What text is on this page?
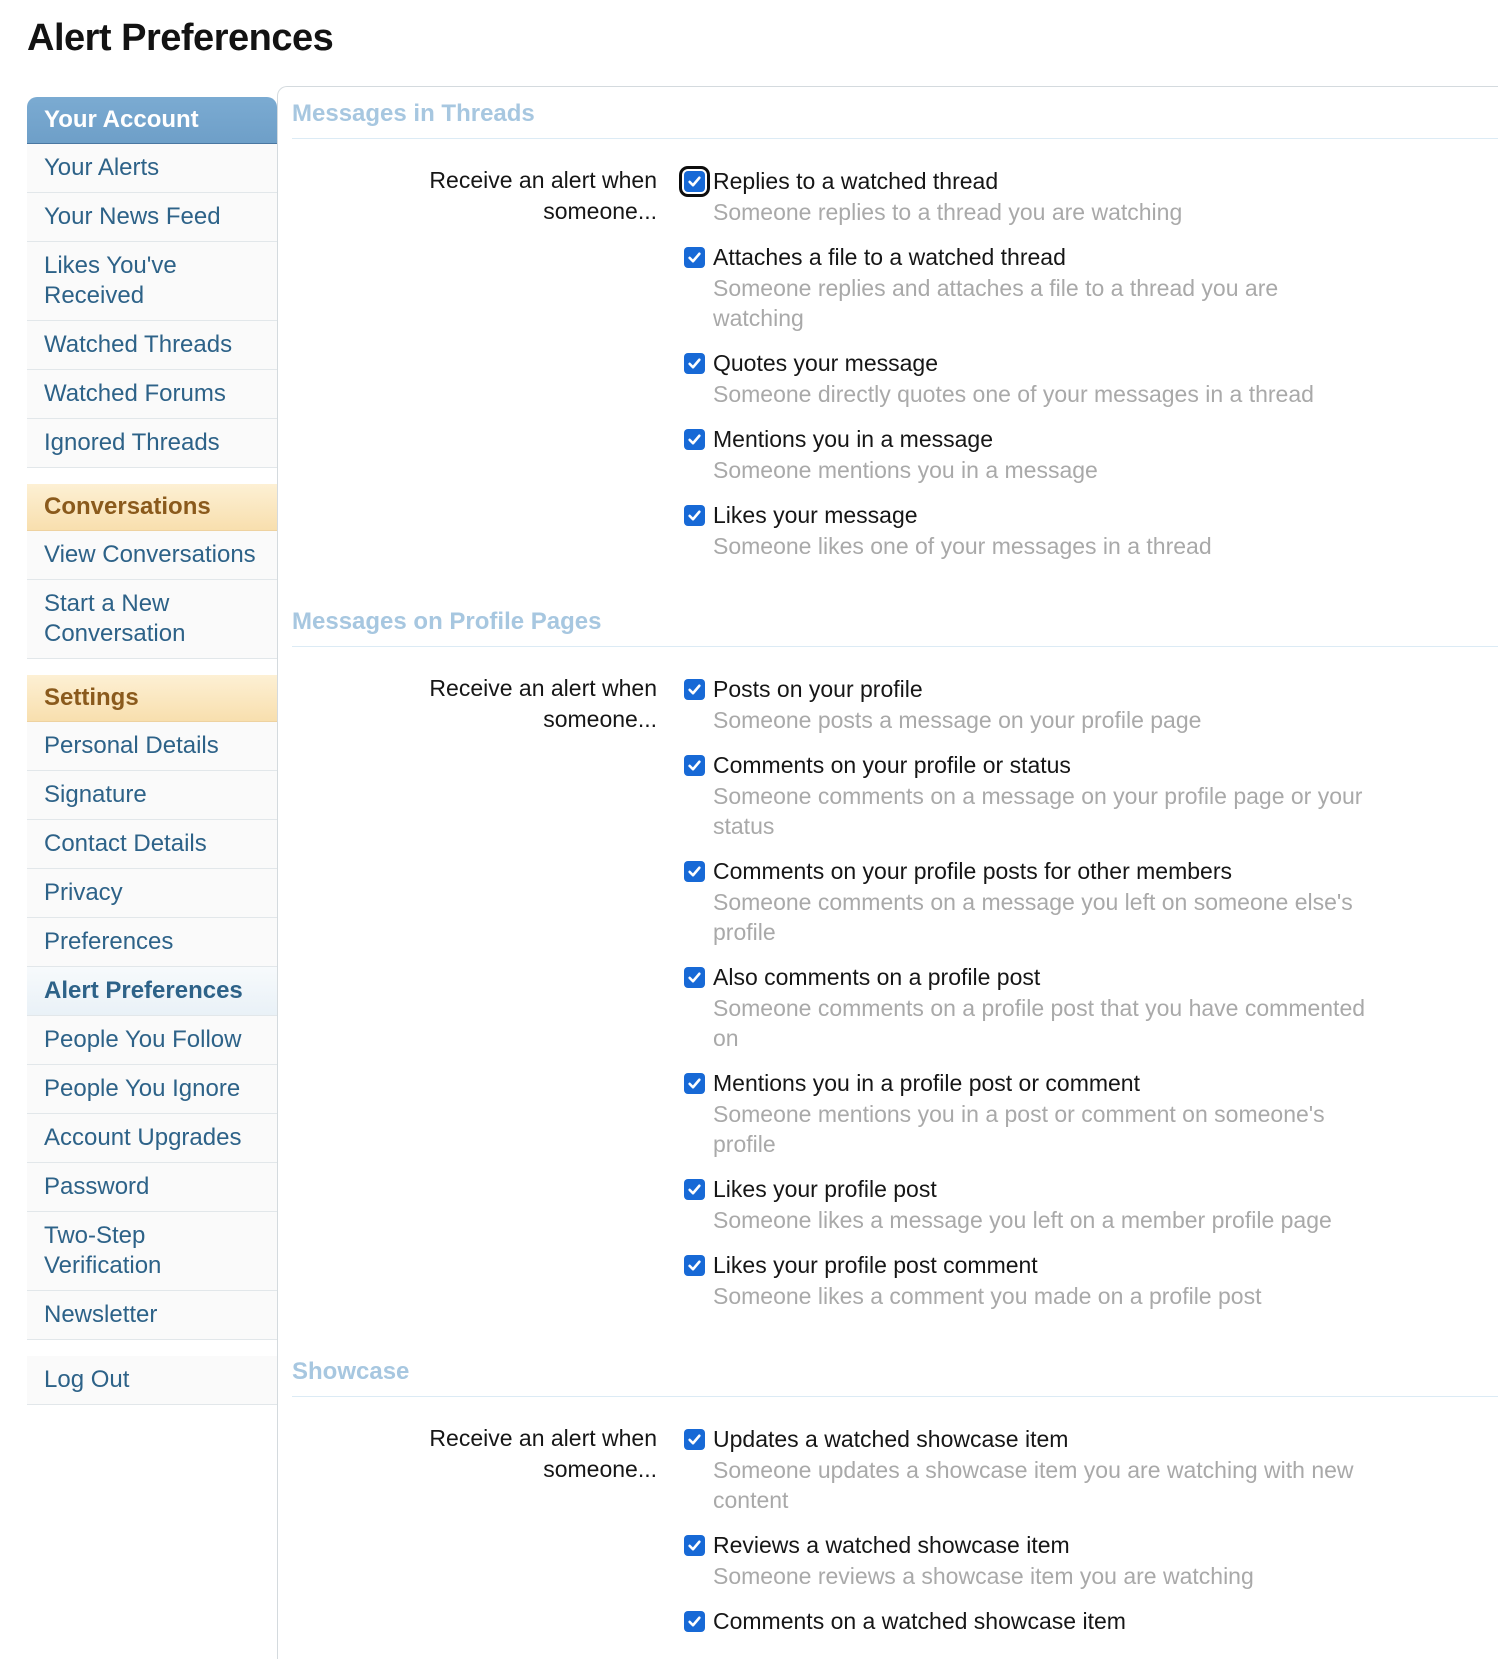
Alert Preferences
Your Account
Your Alerts
Your News Feed
Likes You've Received
Watched Threads
Watched Forums
Ignored Threads
Conversations
View Conversations
Start a New Conversation
Settings
Personal Details
Signature
Contact Details
Privacy
Preferences
Alert Preferences
People You Follow
People You Ignore
Account Upgrades
Password
Two-Step Verification
Newsletter
Log Out
Messages in Threads
Receive an alert when someone...
Replies to a watched thread
Someone replies to a thread you are watching
Attaches a file to a watched thread
Someone replies and attaches a file to a thread you are watching
Quotes your message
Someone directly quotes one of your messages in a thread
Mentions you in a message
Someone mentions you in a message
Likes your message
Someone likes one of your messages in a thread
Messages on Profile Pages
Receive an alert when someone...
Posts on your profile
Someone posts a message on your profile page
Comments on your profile or status
Someone comments on a message on your profile page or your status
Comments on your profile posts for other members
Someone comments on a message you left on someone else's profile
Also comments on a profile post
Someone comments on a profile post that you have commented on
Mentions you in a profile post or comment
Someone mentions you in a post or comment on someone's profile
Likes your profile post
Someone likes a message you left on a member profile page
Likes your profile post comment
Someone likes a comment you made on a profile post
Showcase
Receive an alert when someone...
Updates a watched showcase item
Someone updates a showcase item you are watching with new content
Reviews a watched showcase item
Someone reviews a showcase item you are watching
Comments on a watched showcase item
